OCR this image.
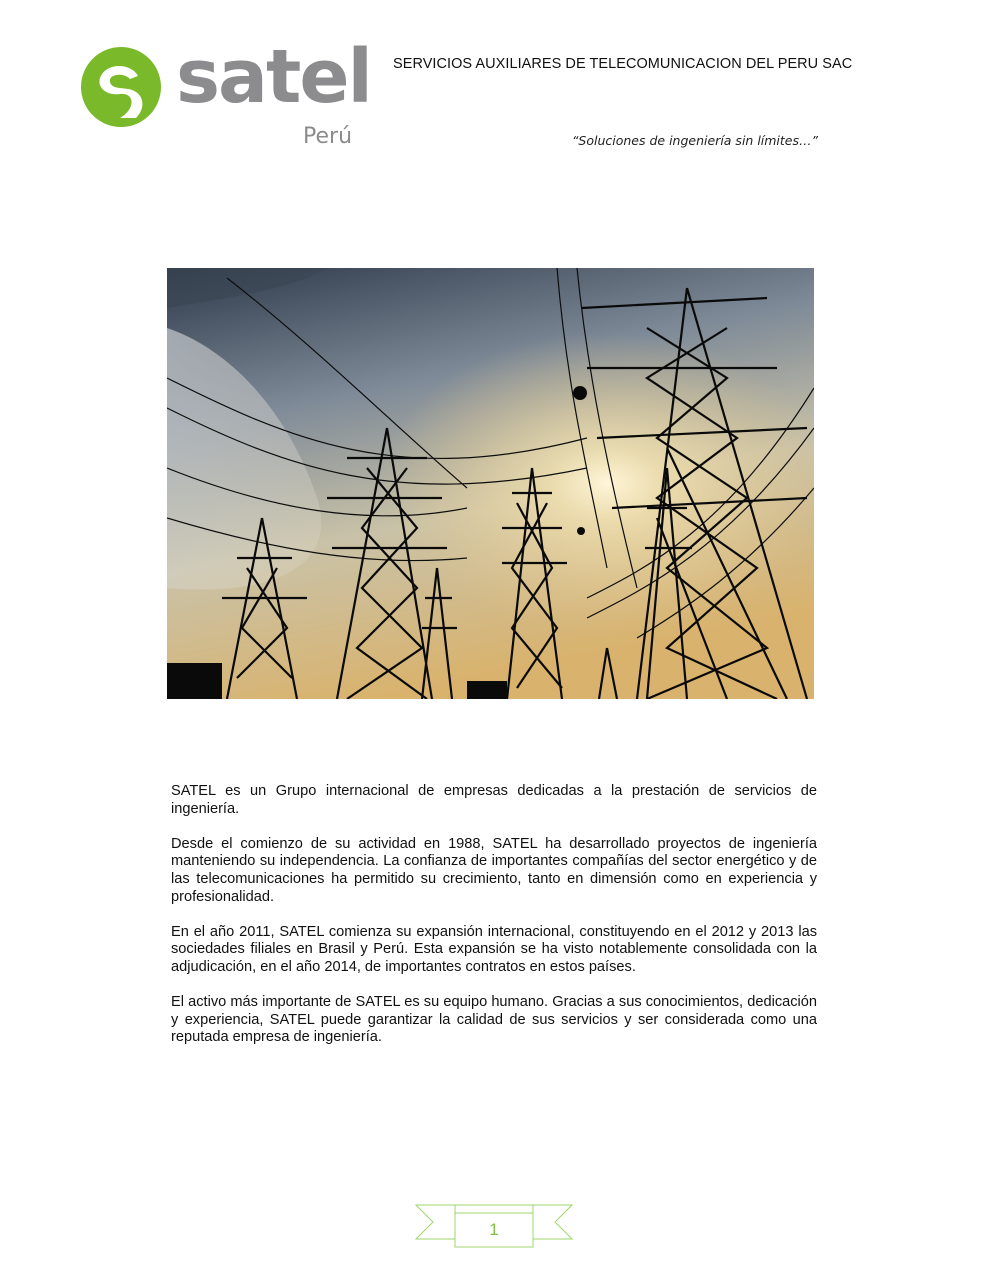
satel
Perú
SERVICIOS AUXILIARES DE TELECOMUNICACION DEL PERU SAC
“Soluciones de ingeniería sin límites…”

SATEL es un Grupo internacional de empresas dedicadas a la prestación de servicios de ingeniería.

Desde el comienzo de su actividad en 1988, SATEL ha desarrollado proyectos de ingeniería manteniendo su independencia. La confianza de importantes compañías del sector energético y de las telecomunicaciones ha permitido su crecimiento, tanto en dimensión como en experiencia y profesionalidad.

En el año 2011, SATEL comienza su expansión internacional, constituyendo en el 2012 y 2013 las sociedades filiales en Brasil y Perú. Esta expansión se ha visto notablemente consolidada con la adjudicación, en el año 2014, de importantes contratos en estos países.

El activo más importante de SATEL es su equipo humano. Gracias a sus conocimientos, dedicación y experiencia, SATEL puede garantizar la calidad de sus servicios y ser considerada como una reputada empresa de ingeniería.

1
